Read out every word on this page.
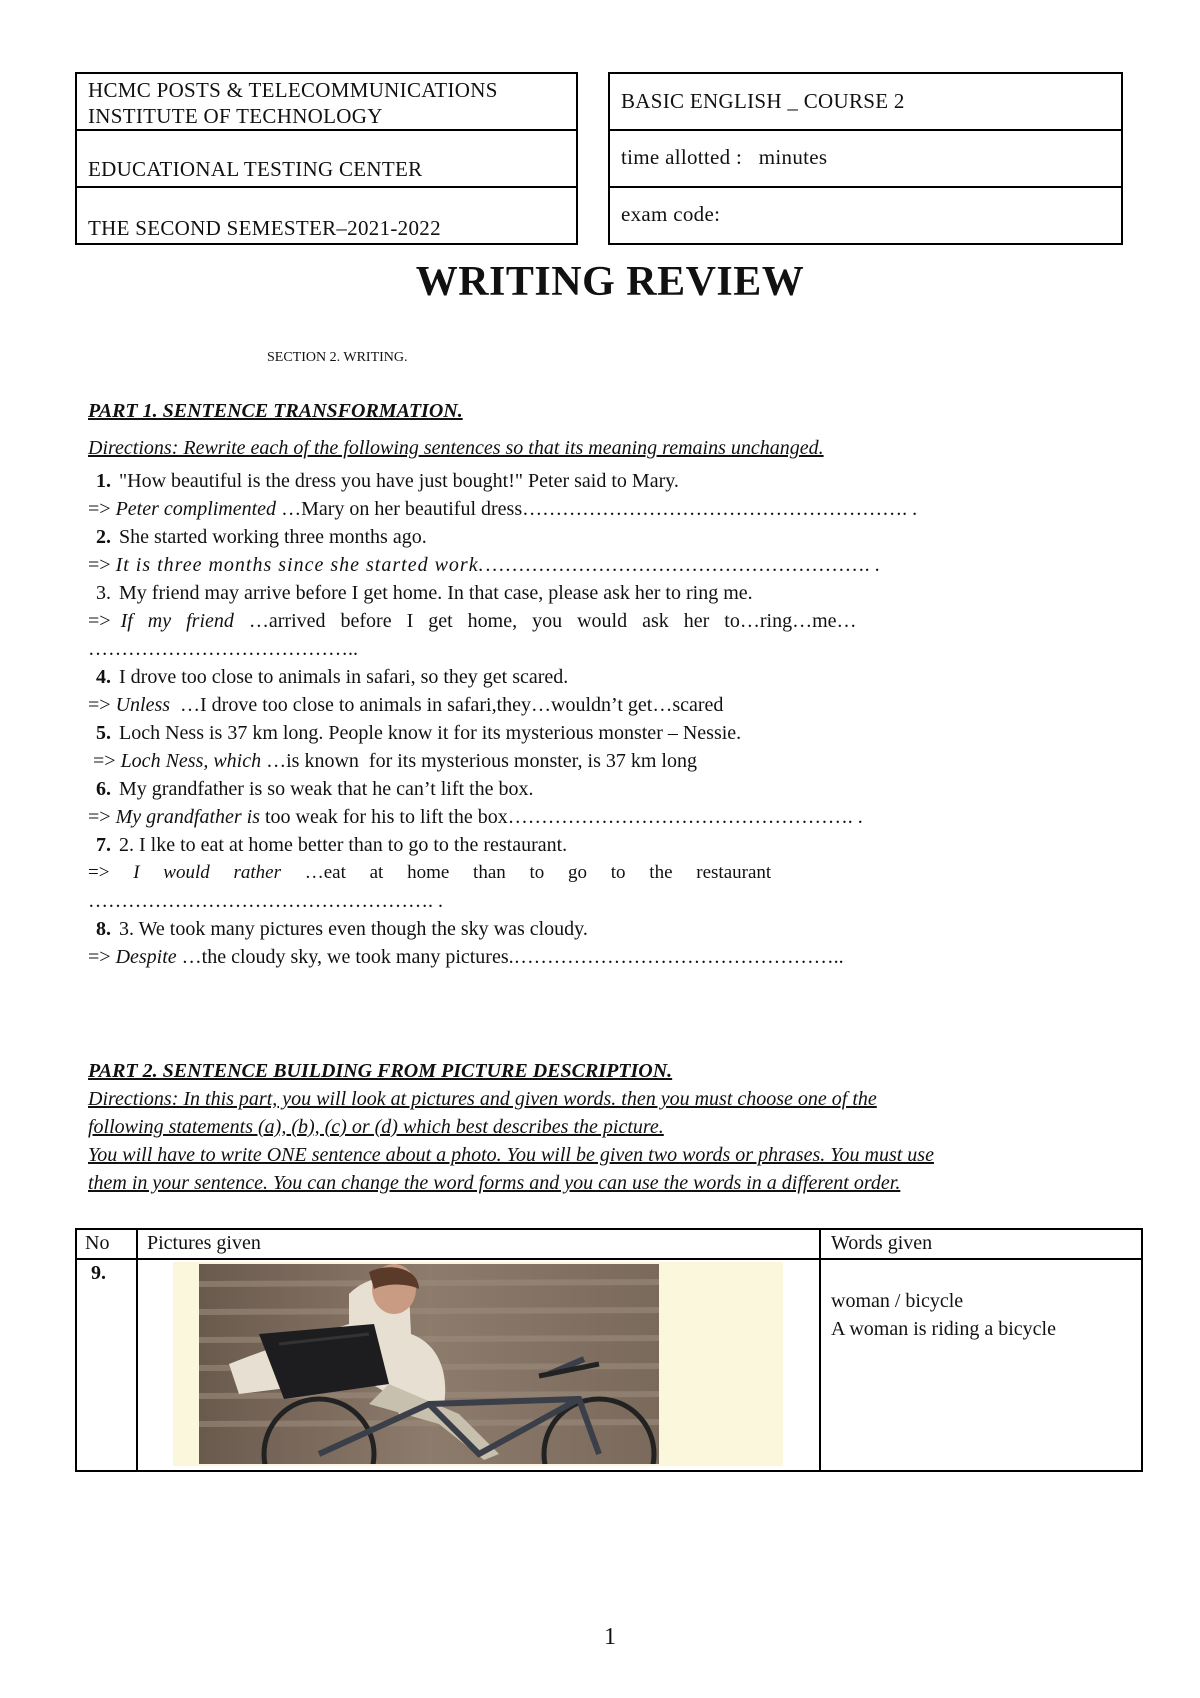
HCMC POSTS & TELECOMMUNICATIONS
INSTITUTE OF TECHNOLOGY
EDUCATIONAL TESTING CENTER
THE SECOND SEMESTER–2021-2022
BASIC ENGLISH _ COURSE 2
time allotted :   minutes
exam code:
WRITING REVIEW
SECTION 2. WRITING.
PART 1. SENTENCE TRANSFORMATION.
Directions: Rewrite each of the following sentences so that its meaning remains unchanged.
1. "How beautiful is the dress you have just bought!" Peter said to Mary.
=> Peter complimented …Mary on her beautiful dress…………………………………………………. .
2. She started working three months ago.
=> It is three months since she started work.…………………………………………………. .
3. My friend may arrive before I get home. In that case, please ask her to ring me.
=>  If   my   friend   …arrived   before   I   get   home,   you   would   ask   her   to…ring…me…
…………………………………..
4. I drove too close to animals in safari, so they get scared.
=> Unless  …I drove too close to animals in safari,they…wouldn’t get…scared
5. Loch Ness is 37 km long. People know it for its mysterious monster – Nessie.
=> Loch Ness, which …is known  for its mysterious monster, is 37 km long
6. My grandfather is so weak that he can’t lift the box.
=> My grandfather is too weak for his to lift the box……………………………………………. .
7. 2. I lke to eat at home better than to go to the restaurant.
=>     I     would     rather     …eat     at     home     than     to     go     to     the     restaurant
……………………………………………. .
8. 3. We took many pictures even though the sky was cloudy.
=> Despite …the cloudy sky, we took many pictures.…………………………………………..
PART 2. SENTENCE BUILDING FROM PICTURE DESCRIPTION.
Directions: In this part, you will look at pictures and given words. then you must choose one of the
following statements (a), (b), (c) or (d) which best describes the picture.
You will have to write ONE sentence about a photo. You will be given two words or phrases. You must use
them in your sentence. You can change the word forms and you can use the words in a different order.
No Pictures given	Words given
9.
woman / bicycle
A woman is riding a bicycle
1
